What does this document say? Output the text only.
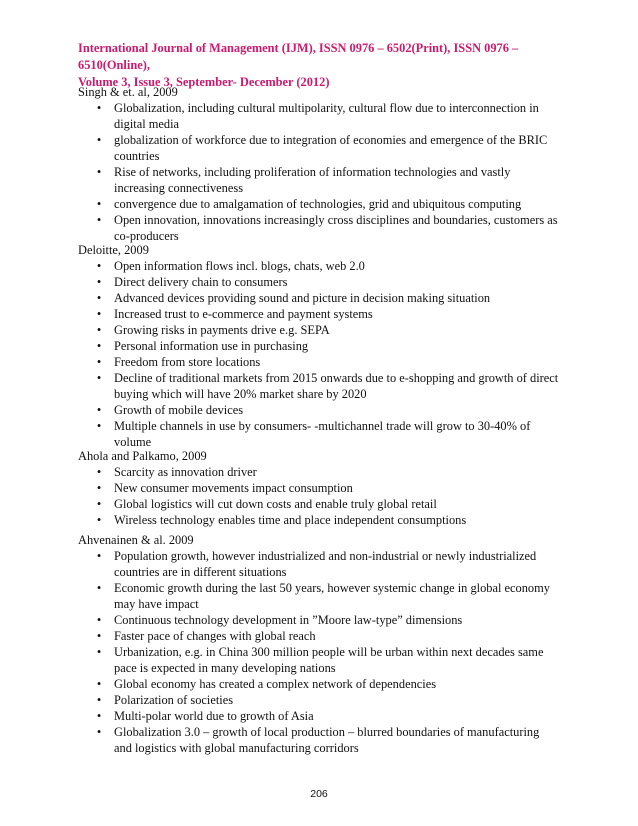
International Journal of Management (IJM), ISSN 0976 – 6502(Print), ISSN 0976 – 6510(Online),
Volume 3, Issue 3, September- December (2012)
Singh & et. al, 2009
•	Globalization, including cultural multipolarity, cultural flow due to interconnection in
digital media
•	globalization of workforce due to integration of economies and emergence of the BRIC
countries
•	Rise of networks, including proliferation of information technologies and vastly
increasing connectiveness
•	convergence due to amalgamation of technologies, grid and ubiquitous computing
•	Open innovation, innovations increasingly cross disciplines and boundaries, customers as
co-producers
Deloitte, 2009
•	Open information flows incl. blogs, chats, web 2.0
•	Direct delivery chain to consumers
•	Advanced devices providing sound and picture in decision making situation
•	Increased trust to e-commerce and payment systems
•	Growing risks in payments drive e.g. SEPA
•	Personal information use in purchasing
•	Freedom from store locations
•	Decline of traditional markets from 2015 onwards due to e-shopping and growth of direct
buying which will have 20% market share by 2020
•	Growth of mobile devices
•	Multiple channels in use by consumers- -multichannel trade will grow to 30-40% of
volume
Ahola and Palkamo, 2009
•	Scarcity as innovation driver
•	New consumer movements impact consumption
•	Global logistics will cut down costs and enable truly global retail
•	Wireless technology enables time and place independent consumptions
Ahvenainen & al. 2009
•	Population growth, however industrialized and non-industrial or newly industrialized
countries are in different situations
•	Economic growth during the last 50 years, however systemic change in global economy
may have impact
•	Continuous technology development in ”Moore law-type” dimensions
•	Faster pace of changes with global reach
•	Urbanization, e.g. in China 300 million people will be urban within next decades same
pace is expected in many developing nations
•	Global economy has created a complex network of dependencies
•	Polarization of societies
•	Multi-polar world due to growth of Asia
•	Globalization 3.0 – growth of local production – blurred boundaries of manufacturing
and logistics with global manufacturing corridors
206
